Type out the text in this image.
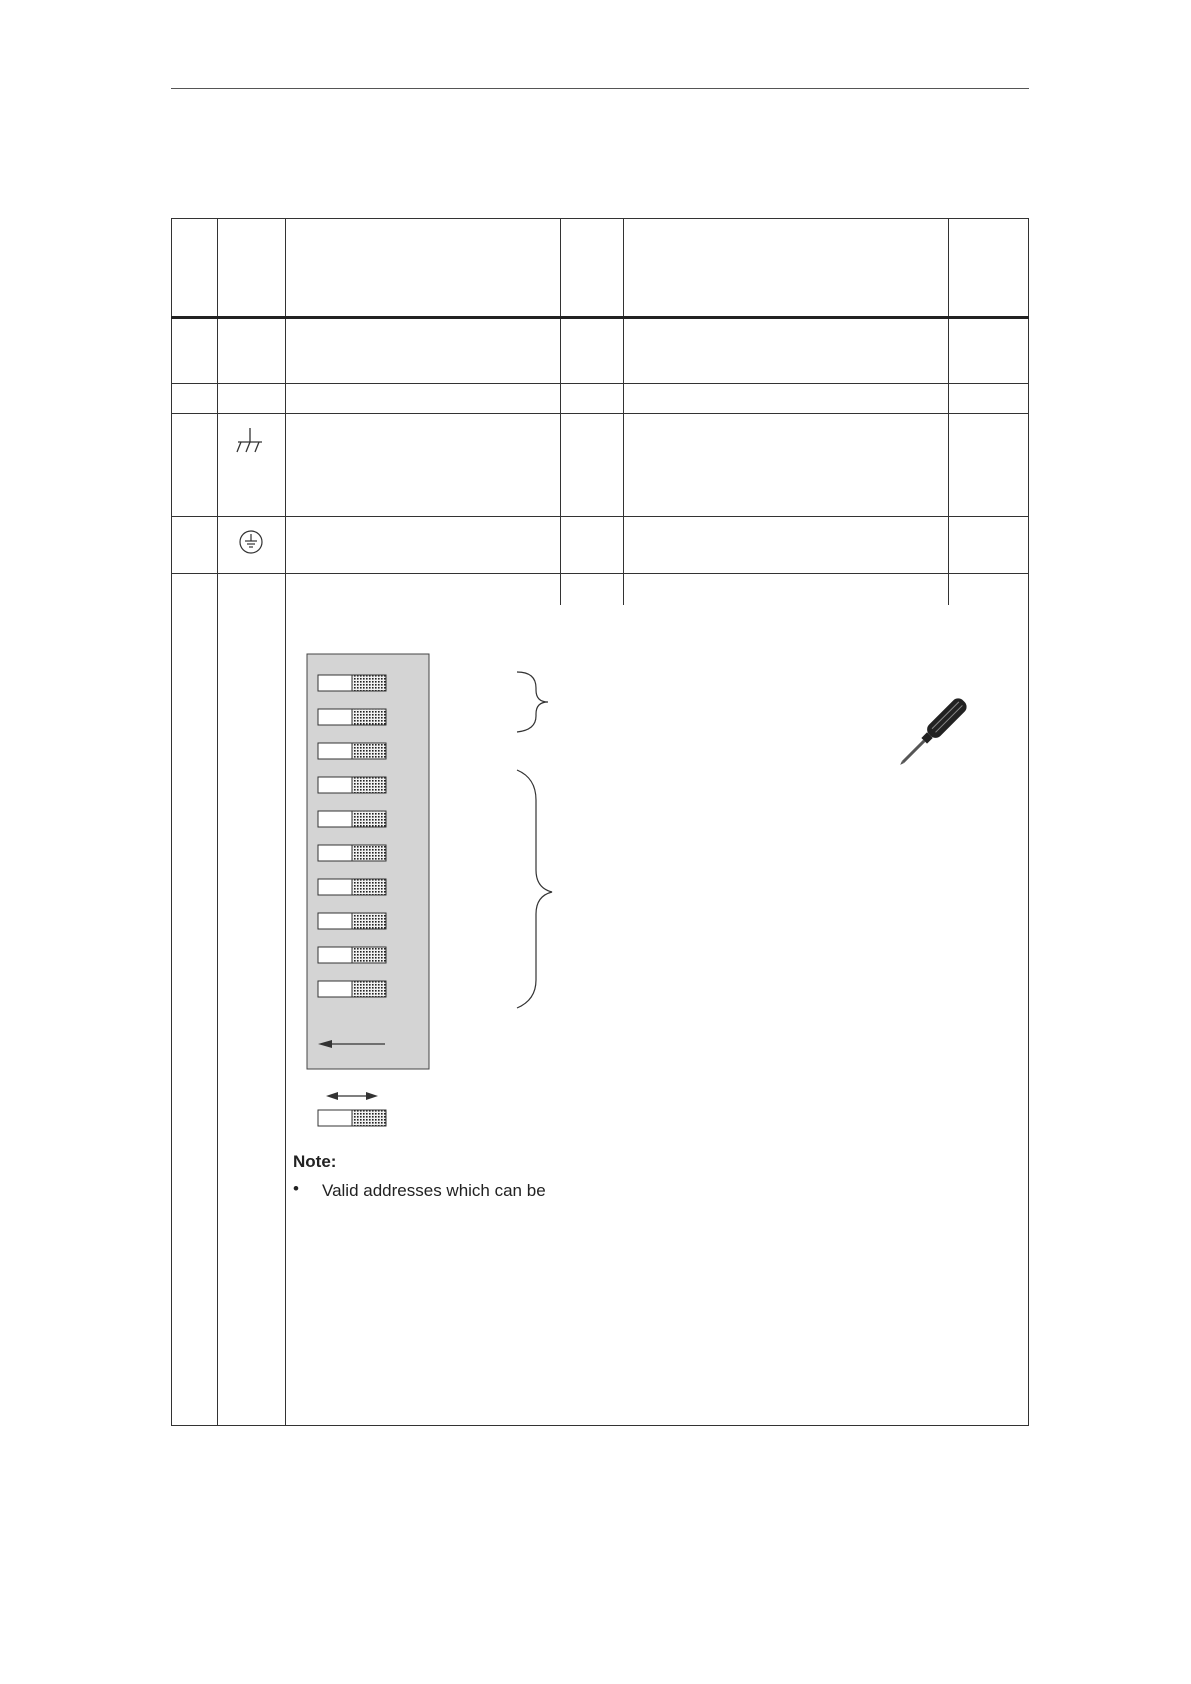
Note:
• Valid addresses which can be
